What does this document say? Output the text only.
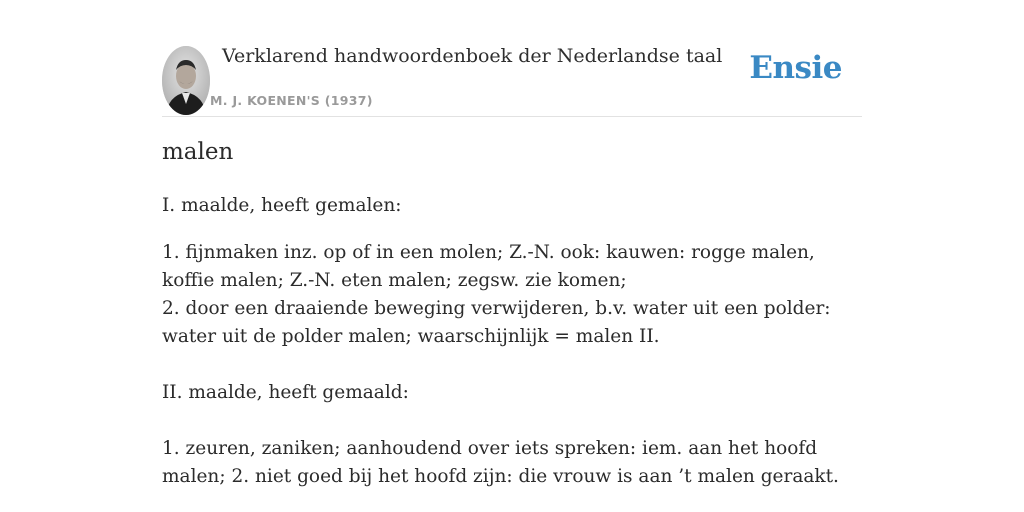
Verklarend handwoordenboek der Nederlandse taal
M. J. KOENEN'S (1937)
Ensie
malen

I. maalde, heeft gemalen:

1. fijnmaken inz. op of in een molen; Z.-N. ook: kauwen: rogge malen, koffie malen; Z.-N. eten malen; zegsw. zie komen;
2. door een draaiende beweging verwijderen, b.v. water uit een polder: water uit de polder malen; waarschijnlijk = malen II.

II. maalde, heeft gemaald:

1. zeuren, zaniken; aanhoudend over iets spreken: iem. aan het hoofd malen; 2. niet goed bij het hoofd zijn: die vrouw is aan ’t malen geraakt.
